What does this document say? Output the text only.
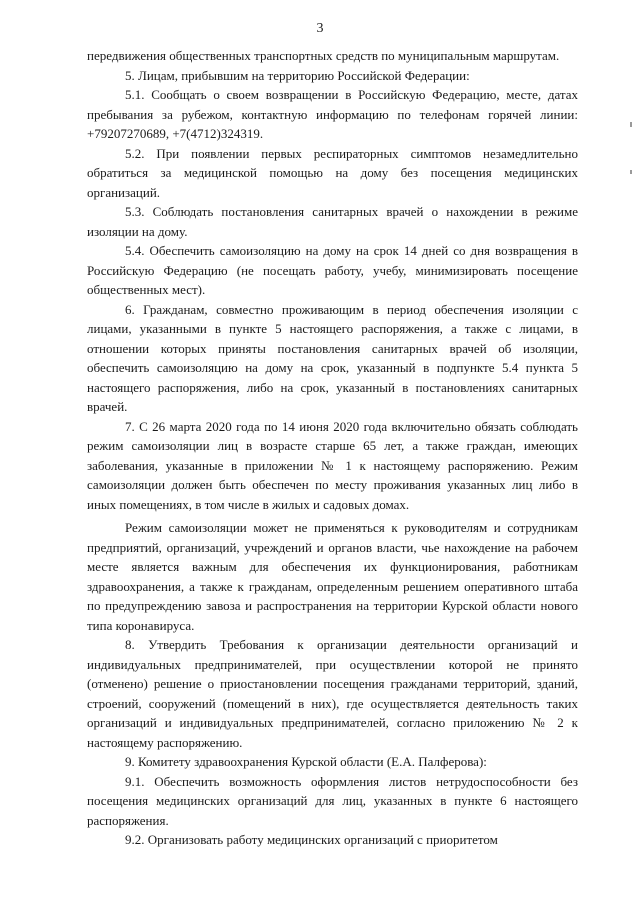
3

передвижения общественных транспортных средств по муниципальным маршрутам.

5. Лицам, прибывшим на территорию Российской Федерации:

5.1. Сообщать о своем возвращении в Российскую Федерацию, месте, датах пребывания за рубежом, контактную информацию по телефонам горячей линии: +79207270689, +7(4712)324319.

5.2. При появлении первых респираторных симптомов незамедлительно обратиться за медицинской помощью на дому без посещения медицинских организаций.

5.3. Соблюдать постановления санитарных врачей о нахождении в режиме изоляции на дому.

5.4. Обеспечить самоизоляцию на дому на срок 14 дней со дня возвращения в Российскую Федерацию (не посещать работу, учебу, минимизировать посещение общественных мест).

6. Гражданам, совместно проживающим в период обеспечения изоляции с лицами, указанными в пункте 5 настоящего распоряжения, а также с лицами, в отношении которых приняты постановления санитарных врачей об изоляции, обеспечить самоизоляцию на дому на срок, указанный в подпункте 5.4 пункта 5 настоящего распоряжения, либо на срок, указанный в постановлениях санитарных врачей.

7. С 26 марта 2020 года по 14 июня 2020 года включительно обязать соблюдать режим самоизоляции лиц в возрасте старше 65 лет, а также граждан, имеющих заболевания, указанные в приложении № 1 к настоящему распоряжению. Режим самоизоляции должен быть обеспечен по месту проживания указанных лиц либо в иных помещениях, в том числе в жилых и садовых домах.

Режим самоизоляции может не применяться к руководителям и сотрудникам предприятий, организаций, учреждений и органов власти, чье нахождение на рабочем месте является важным для обеспечения их функционирования, работникам здравоохранения, а также к гражданам, определенным решением оперативного штаба по предупреждению завоза и распространения на территории Курской области нового типа коронавируса.

8. Утвердить Требования к организации деятельности организаций и индивидуальных предпринимателей, при осуществлении которой не принято (отменено) решение о приостановлении посещения гражданами территорий, зданий, строений, сооружений (помещений в них), где осуществляется деятельность таких организаций и индивидуальных предпринимателей, согласно приложению № 2 к настоящему распоряжению.

9. Комитету здравоохранения Курской области (Е.А. Палферова):

9.1. Обеспечить возможность оформления листов нетрудоспособности без посещения медицинских организаций для лиц, указанных в пункте 6 настоящего распоряжения.

9.2. Организовать работу медицинских организаций с приоритетом
